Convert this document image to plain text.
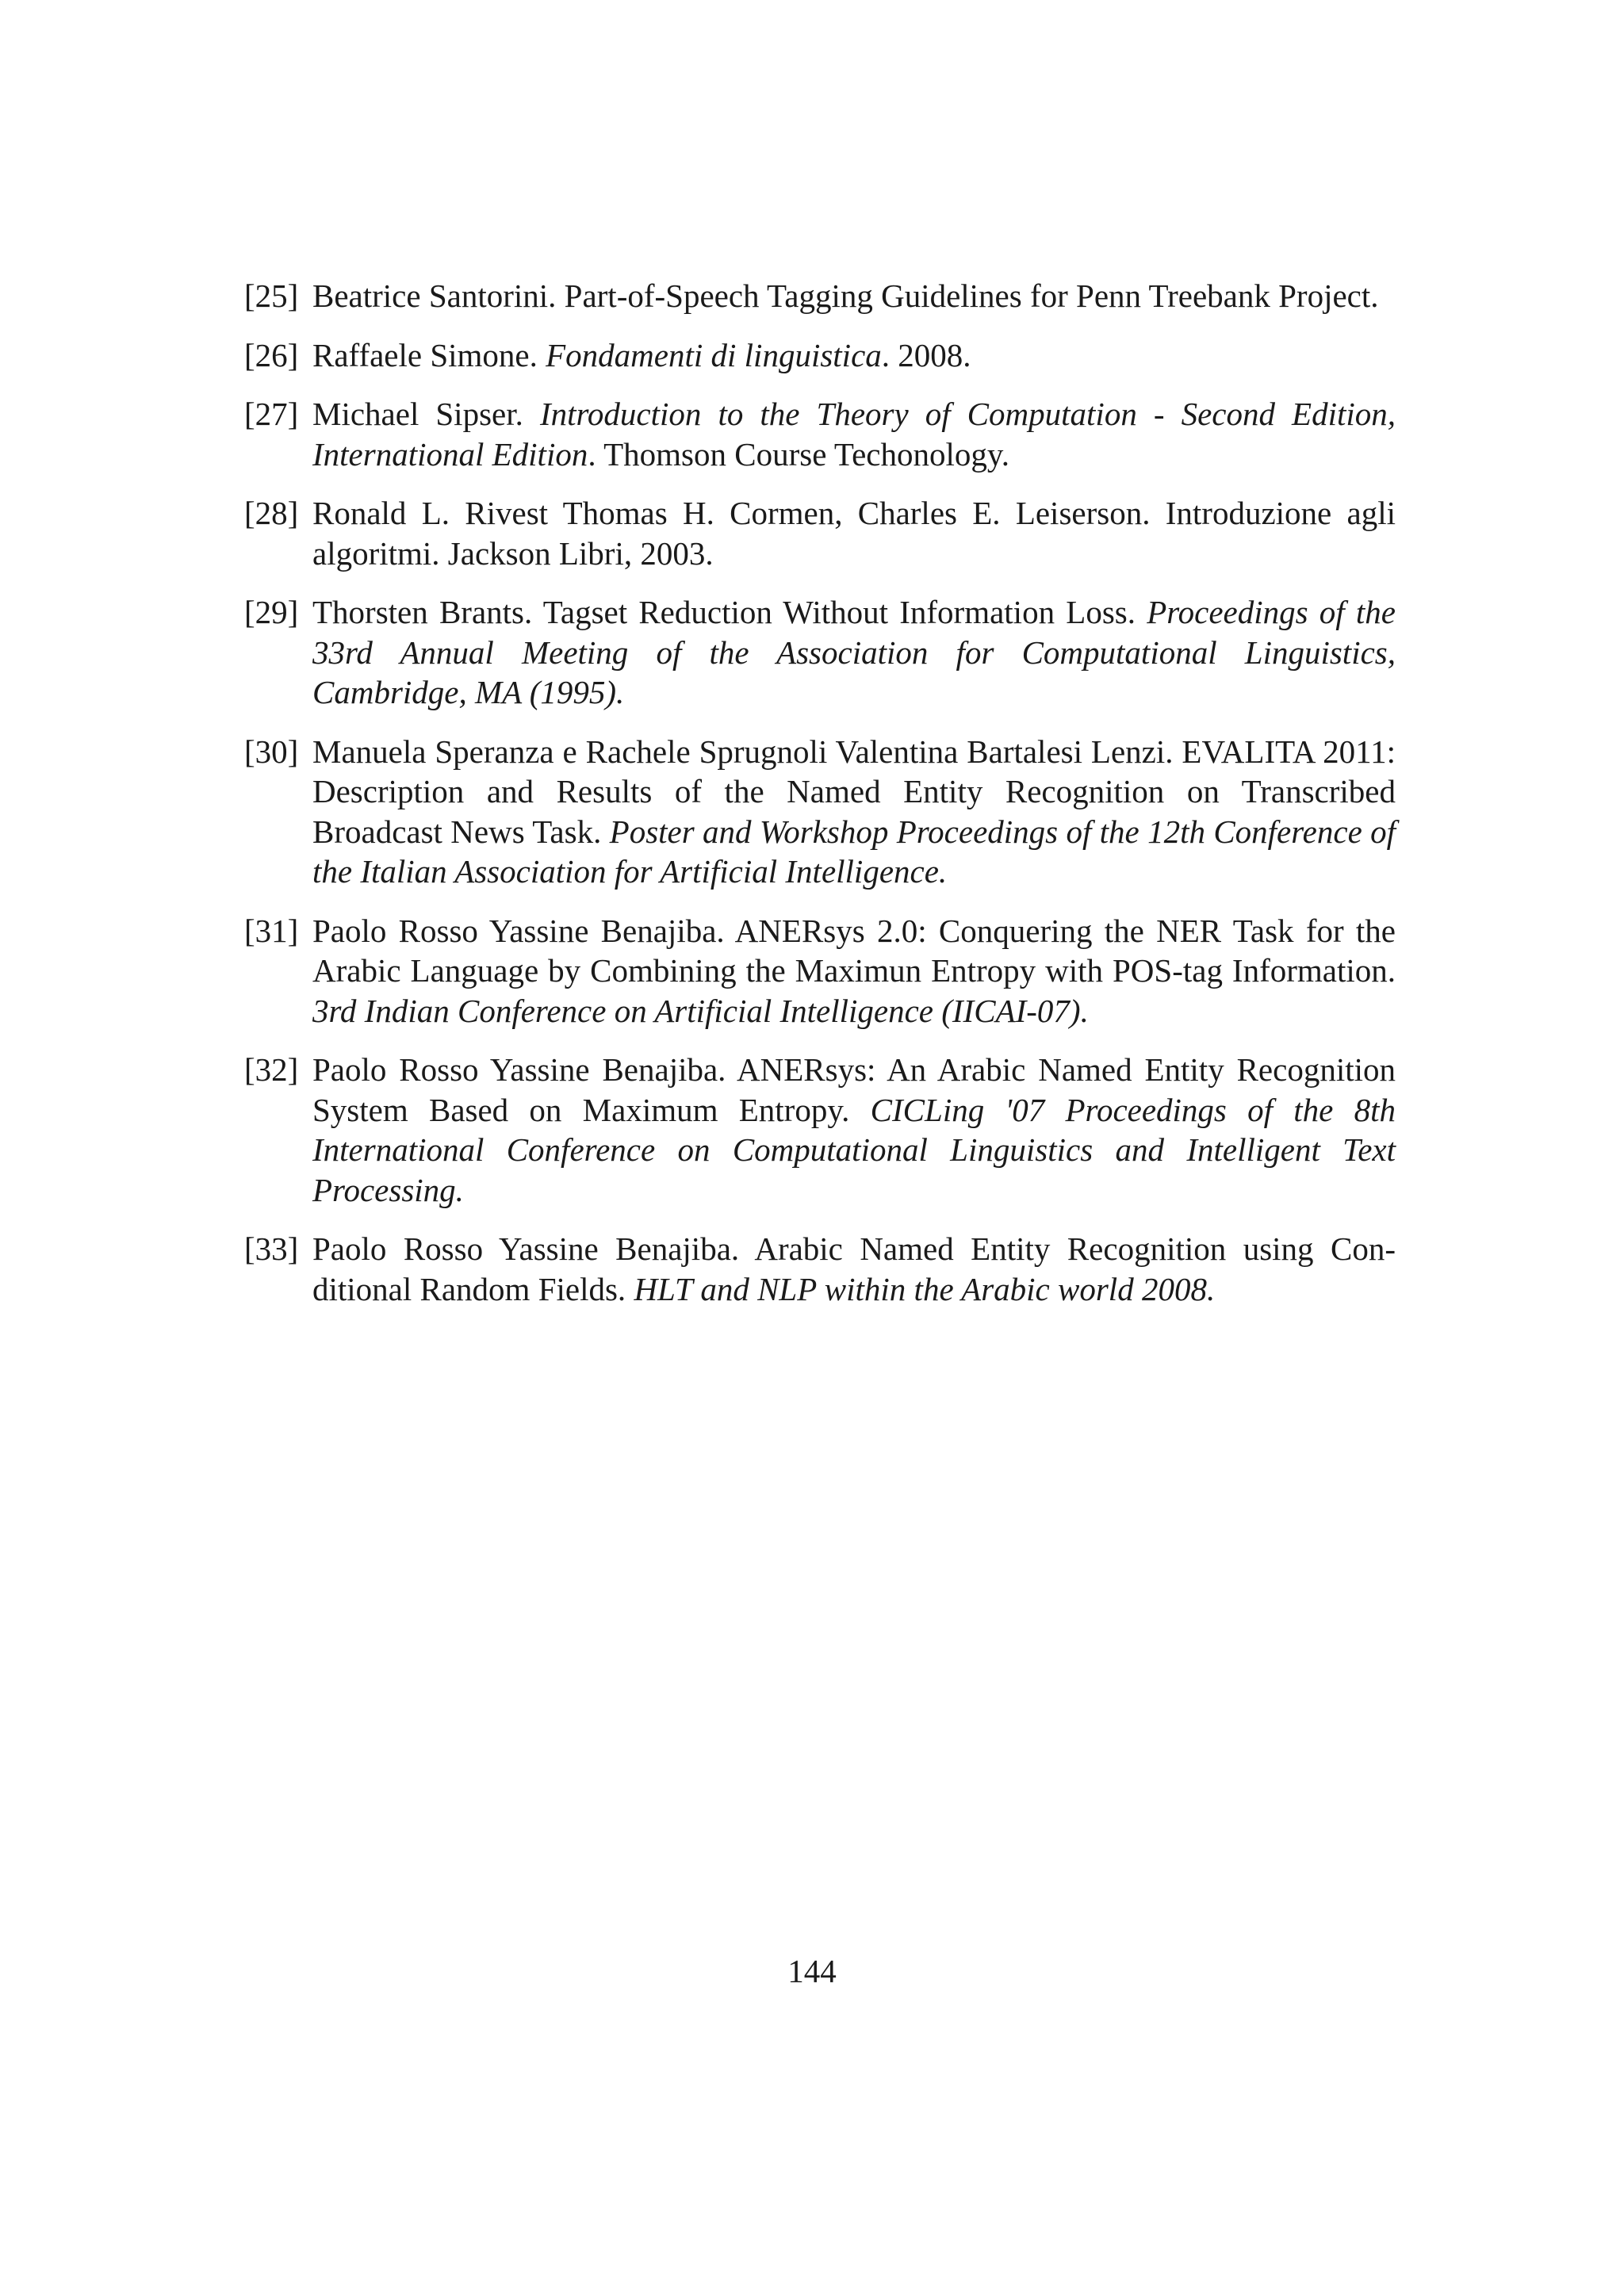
[25] Beatrice Santorini. Part-of-Speech Tagging Guidelines for Penn Treebank Project.
[26] Raffaele Simone. Fondamenti di linguistica. 2008.
[27] Michael Sipser. Introduction to the Theory of Computation - Second Edition, International Edition. Thomson Course Techonology.
[28] Ronald L. Rivest Thomas H. Cormen, Charles E. Leiserson. Introduzione agli algoritmi. Jackson Libri, 2003.
[29] Thorsten Brants. Tagset Reduction Without Information Loss. Proceedings of the 33rd Annual Meeting of the Association for Computational Linguistics, Cambridge, MA (1995).
[30] Manuela Speranza e Rachele Sprugnoli Valentina Bartalesi Lenzi. EVALITA 2011: Description and Results of the Named Entity Recognition on Transcribed Broadcast News Task. Poster and Workshop Proceedings of the 12th Conference of the Italian Association for Artificial Intelligence.
[31] Paolo Rosso Yassine Benajiba. ANERsys 2.0: Conquering the NER Task for the Arabic Language by Combining the Maximun Entropy with POS-tag Information. 3rd Indian Conference on Artificial Intelligence (IICAI-07).
[32] Paolo Rosso Yassine Benajiba. ANERsys: An Arabic Named Entity Recognition System Based on Maximum Entropy. CICLing '07 Proceedings of the 8th International Conference on Computational Linguistics and Intelligent Text Processing.
[33] Paolo Rosso Yassine Benajiba. Arabic Named Entity Recognition using Conditional Random Fields. HLT and NLP within the Arabic world 2008.
144
